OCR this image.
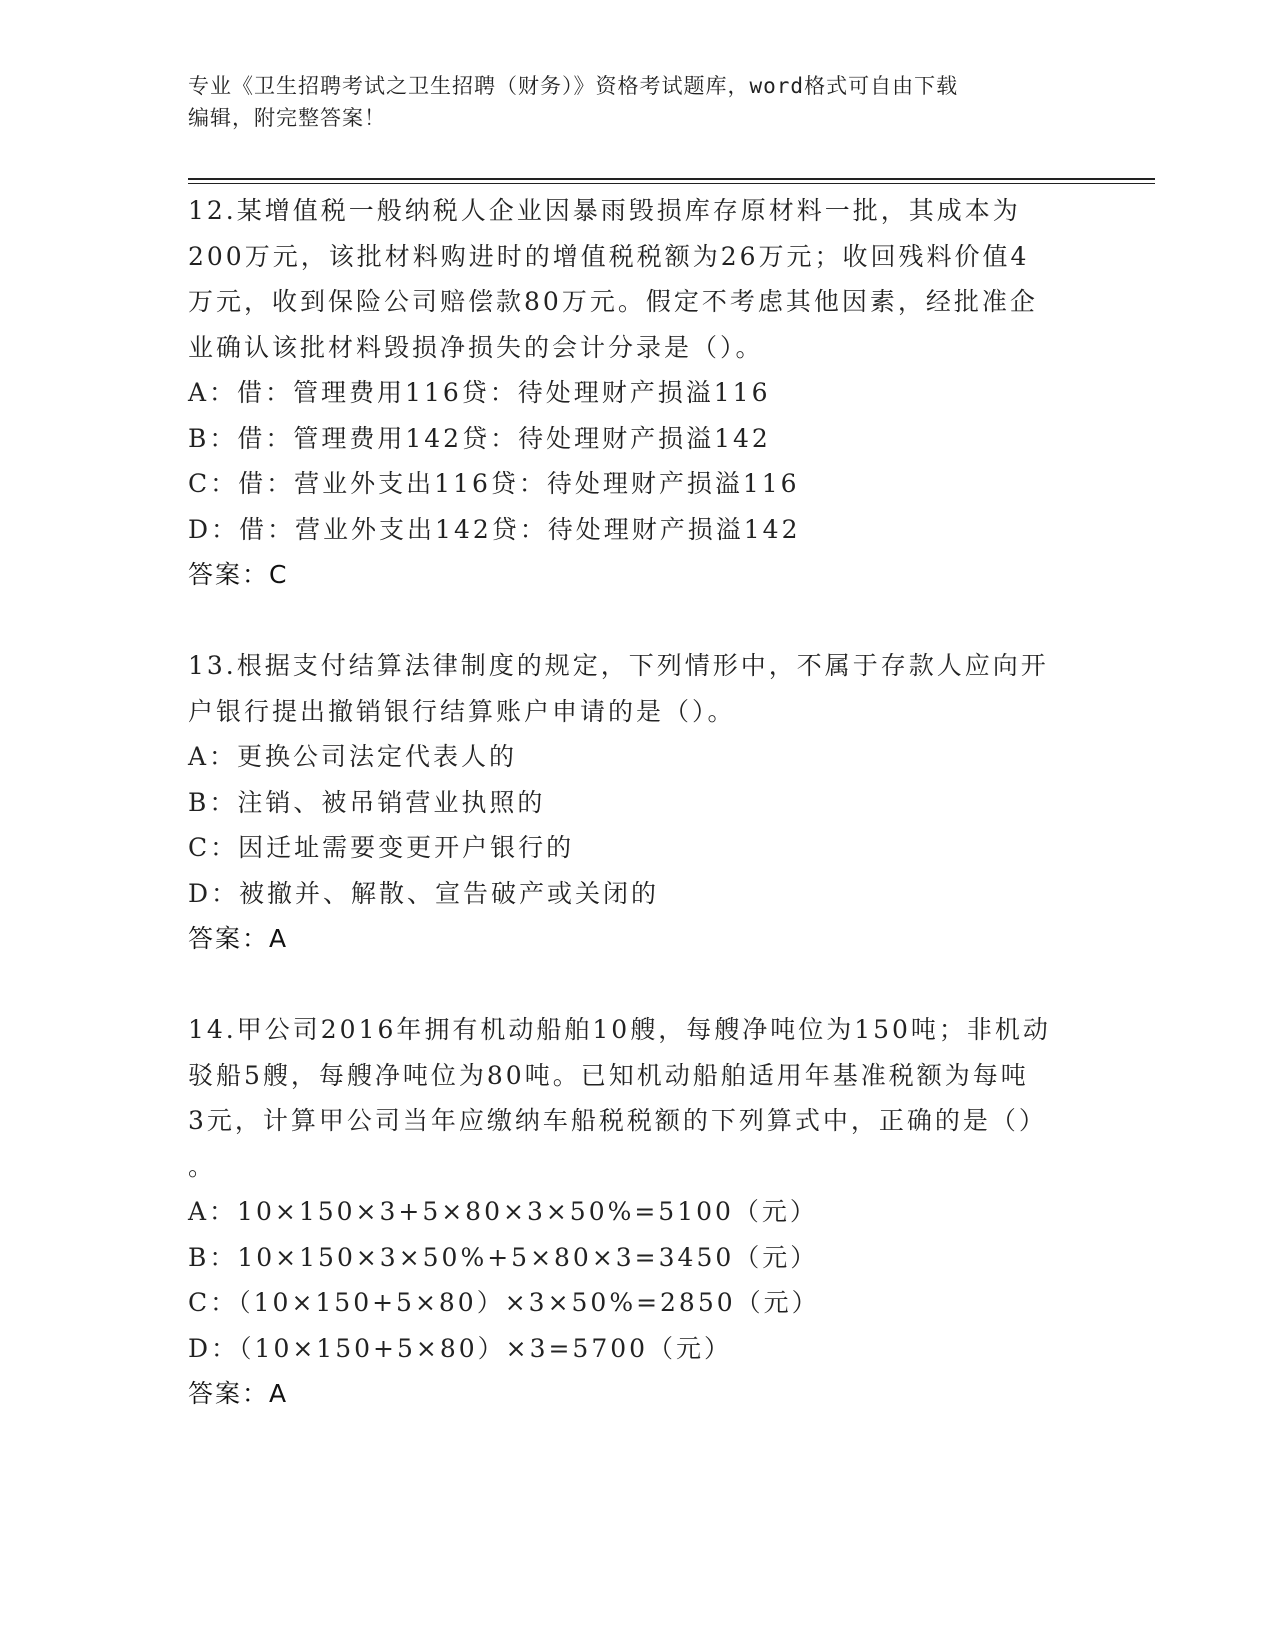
专业《卫生招聘考试之卫生招聘（财务）》资格考试题库，word格式可自由下载
编辑，附完整答案！
12.某增值税一般纳税人企业因暴雨毁损库存原材料一批，其成本为
200万元，该批材料购进时的增值税税额为26万元；收回残料价值4
万元，收到保险公司赔偿款80万元。假定不考虑其他因素，经批准企
业确认该批材料毁损净损失的会计分录是（）。
A：借：管理费用116贷：待处理财产损溢116
B：借：管理费用142贷：待处理财产损溢142
C：借：营业外支出116贷：待处理财产损溢116
D：借：营业外支出142贷：待处理财产损溢142
答案：C
13.根据支付结算法律制度的规定，下列情形中，不属于存款人应向开
户银行提出撤销银行结算账户申请的是（）。
A：更换公司法定代表人的
B：注销、被吊销营业执照的
C：因迁址需要变更开户银行的
D：被撤并、解散、宣告破产或关闭的
答案：A
14.甲公司2016年拥有机动船舶10艘，每艘净吨位为150吨；非机动
驳船5艘，每艘净吨位为80吨。已知机动船舶适用年基准税额为每吨
3元，计算甲公司当年应缴纳车船税税额的下列算式中，正确的是（）
。
A：10×150×3+5×80×3×50%=5100（元）
B：10×150×3×50%+5×80×3=3450（元）
C：（10×150+5×80）×3×50%=2850（元）
D：（10×150+5×80）×3=5700（元）
答案：A
